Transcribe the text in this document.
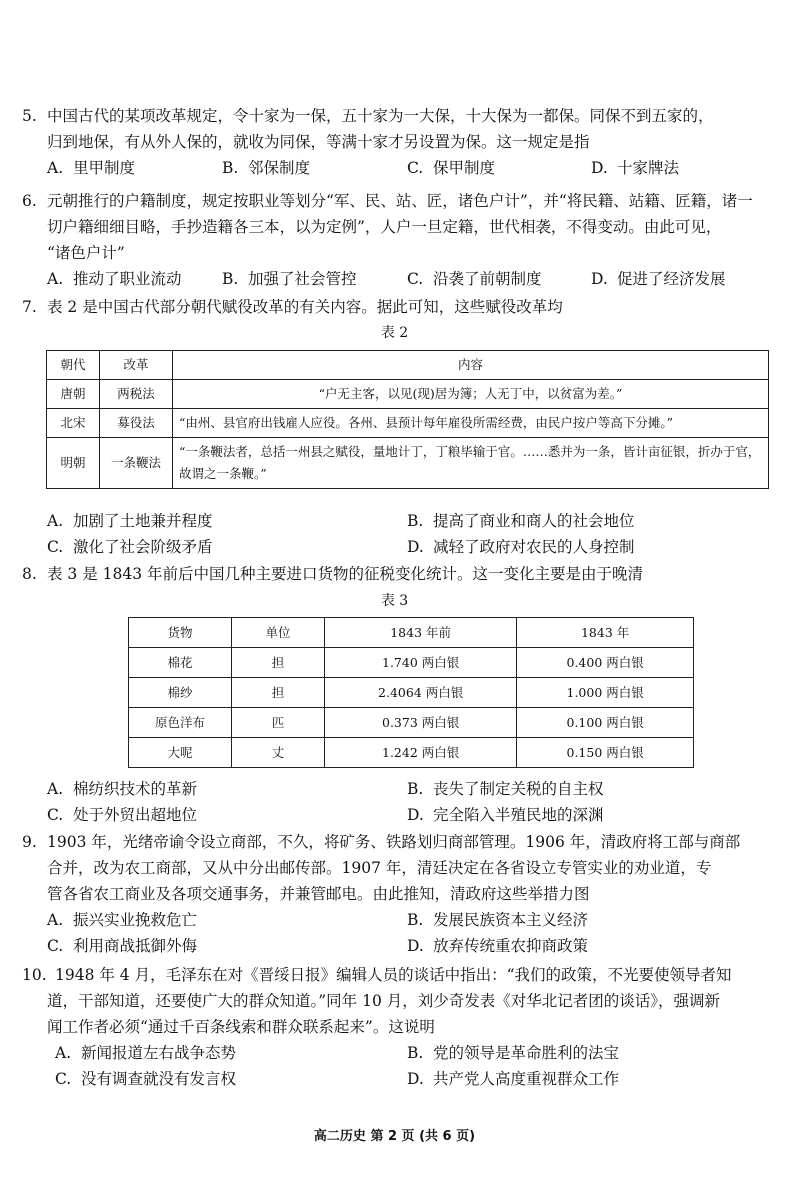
5. 中国古代的某项改革规定，令十家为一保，五十家为一大保，十大保为一都保。同保不到五家的，
归到地保，有从外人保的，就收为同保，等满十家才另设置为保。这一规定是指
A. 里甲制度	B. 邻保制度	C. 保甲制度	D. 十家牌法
6. 元朝推行的户籍制度，规定按职业等划分“军、民、站、匠，诸色户计”，并“将民籍、站籍、匠籍，诸一
切户籍细细目略，手抄造籍各三本，以为定例”，人户一旦定籍，世代相袭，不得变动。由此可见，
“诸色户计”
A. 推动了职业流动	B. 加强了社会管控	C. 沿袭了前朝制度	D. 促进了经济发展
7. 表 2 是中国古代部分朝代赋役改革的有关内容。据此可知，这些赋役改革均
表 2
朝代	改革	内容
唐朝	两税法	“户无主客，以见(现)居为簿；人无丁中，以贫富为差。”
北宋	募役法	“由州、县官府出钱雇人应役。各州、县预计每年雇役所需经费，由民户按户等高下分摊。”
明朝	一条鞭法	“一条鞭法者，总括一州县之赋役，量地计丁，丁粮毕输于官。……悉并为一条，皆计亩征银，折办于官，故谓之一条鞭。”
A. 加剧了土地兼并程度	B. 提高了商业和商人的社会地位
C. 激化了社会阶级矛盾	D. 减轻了政府对农民的人身控制
8. 表 3 是 1843 年前后中国几种主要进口货物的征税变化统计。这一变化主要是由于晚清
表 3
货物	单位	1843 年前	1843 年
棉花	担	1.740 两白银	0.400 两白银
棉纱	担	2.4064 两白银	1.000 两白银
原色洋布	匹	0.373 两白银	0.100 两白银
大呢	丈	1.242 两白银	0.150 两白银
A. 棉纺织技术的革新	B. 丧失了制定关税的自主权
C. 处于外贸出超地位	D. 完全陷入半殖民地的深渊
9. 1903 年，光绪帝谕令设立商部，不久，将矿务、铁路划归商部管理。1906 年，清政府将工部与商部
合并，改为农工商部，又从中分出邮传部。1907 年，清廷决定在各省设立专管实业的劝业道，专
管各省农工商业及各项交通事务，并兼管邮电。由此推知，清政府这些举措力图
A. 振兴实业挽救危亡	B. 发展民族资本主义经济
C. 利用商战抵御外侮	D. 放弃传统重农抑商政策
10. 1948 年 4 月，毛泽东在对《晋绥日报》编辑人员的谈话中指出：“我们的政策，不光要使领导者知
道，干部知道，还要使广大的群众知道。”同年 10 月，刘少奇发表《对华北记者团的谈话》，强调新
闻工作者必须“通过千百条线索和群众联系起来”。这说明
A. 新闻报道左右战争态势	B. 党的领导是革命胜利的法宝
C. 没有调查就没有发言权	D. 共产党人高度重视群众工作
高二历史 第 2 页 (共 6 页)
